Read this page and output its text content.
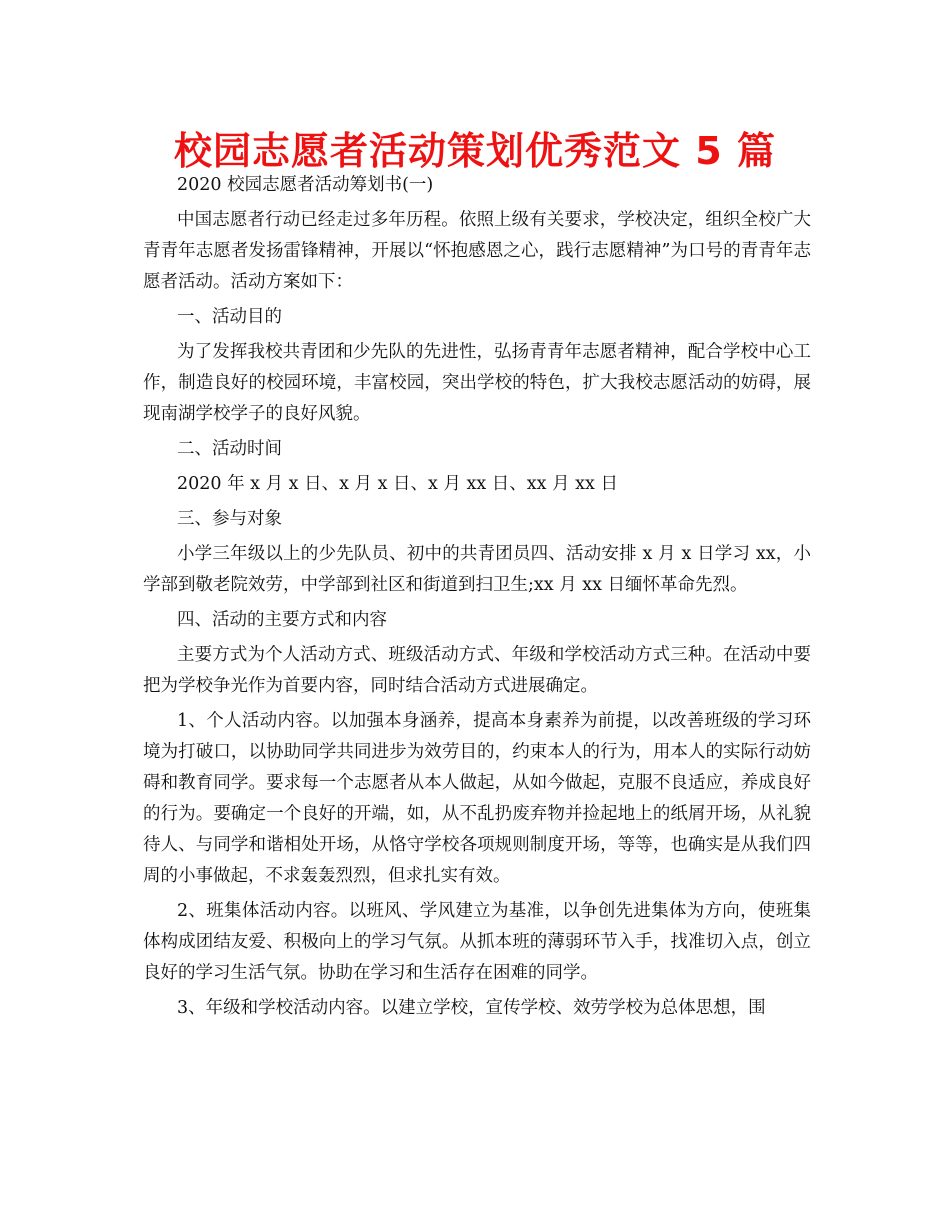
校园志愿者活动策划优秀范文 5 篇

2020 校园志愿者活动筹划书(一)

中国志愿者行动已经走过多年历程。依照上级有关要求，学校决定，组织全校广大青青年志愿者发扬雷锋精神，开展以“怀抱感恩之心，践行志愿精神”为口号的青青年志愿者活动。活动方案如下：

一、活动目的

为了发挥我校共青团和少先队的先进性，弘扬青青年志愿者精神，配合学校中心工作，制造良好的校园环境，丰富校园，突出学校的特色，扩大我校志愿活动的妨碍，展现南湖学校学子的良好风貌。

二、活动时间

2020 年 x 月 x 日、x 月 x 日、x 月 xx 日、xx 月 xx 日

三、参与对象

小学三年级以上的少先队员、初中的共青团员四、活动安排 x 月 x 日学习 xx，小学部到敬老院效劳，中学部到社区和街道到扫卫生;xx 月 xx 日缅怀革命先烈。

四、活动的主要方式和内容

主要方式为个人活动方式、班级活动方式、年级和学校活动方式三种。在活动中要把为学校争光作为首要内容，同时结合活动方式进展确定。

1、个人活动内容。以加强本身涵养，提高本身素养为前提，以改善班级的学习环境为打破口，以协助同学共同进步为效劳目的，约束本人的行为，用本人的实际行动妨碍和教育同学。要求每一个志愿者从本人做起，从如今做起，克服不良适应，养成良好的行为。要确定一个良好的开端，如，从不乱扔废弃物并捡起地上的纸屑开场，从礼貌待人、与同学和谐相处开场，从恪守学校各项规则制度开场，等等，也确实是从我们四周的小事做起，不求轰轰烈烈，但求扎实有效。

2、班集体活动内容。以班风、学风建立为基准，以争创先进集体为方向，使班集体构成团结友爱、积极向上的学习气氛。从抓本班的薄弱环节入手，找准切入点，创立良好的学习生活气氛。协助在学习和生活存在困难的同学。

3、年级和学校活动内容。以建立学校，宣传学校、效劳学校为总体思想，围
